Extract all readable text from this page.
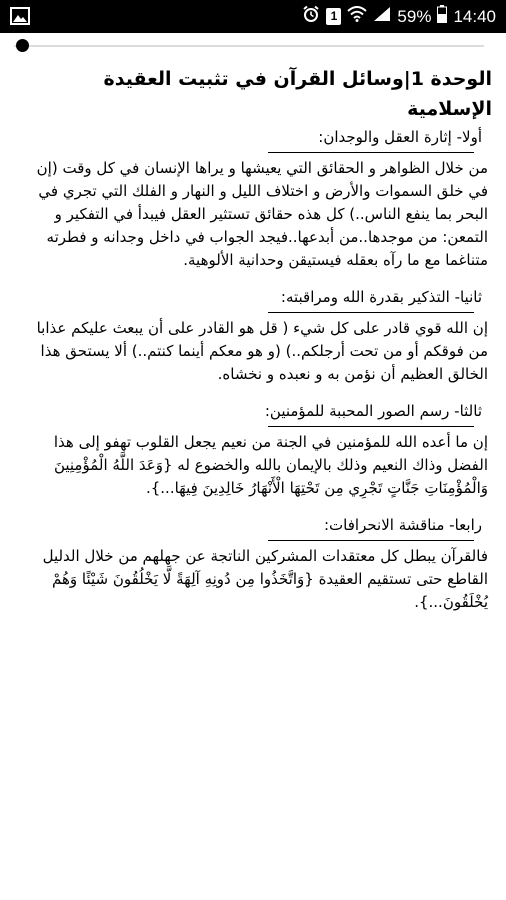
1	59% 14:40
الوحدة 1|وسائل القرآن في تثبيت العقيدة الإسلامية

أولا- إثارة العقل والوجدان:

من خلال الظواهر و الحقائق التي يعيشها و يراها الإنسان في كل وقت (إن في خلق السموات والأرض و اختلاف الليل و النهار و الفلك التي تجري في البحر بما ينفع الناس..) كل هذه حقائق تستثير العقل فيبدأ في التفكير و التمعن: من موجدها..من أبدعها..فيجد الجواب في داخل وجدانه و فطرته متناغما مع ما رآه بعقله فيستيقن وحدانية الألوهية.

ثانيا- التذكير بقدرة الله ومراقبته:

إن الله قوي قادر على كل شيء ( قل هو القادر على أن يبعث عليكم عذابا من فوقكم أو من تحت أرجلكم..) (و هو معكم أينما كنتم..) ألا يستحق هذا الخالق العظيم أن نؤمن به و نعبده و نخشاه.

ثالثا- رسم الصور المحببة للمؤمنين:

إن ما أعده الله للمؤمنين في الجنة من نعيم يجعل القلوب تهفو إلى هذا الفضل وذاك النعيم وذلك بالإيمان بالله والخضوع له {وَعَدَ اللَّهُ الْمُؤْمِنِينَ وَالْمُؤْمِنَاتِ جَنَّاتٍ تَجْرِي مِن تَحْتِهَا الْأَنْهَارُ خَالِدِينَ فِيهَا...}.

رابعا- مناقشة الانحرافات:

فالقرآن يبطل كل معتقدات المشركين الناتجة عن جهلهم من خلال الدليل القاطع حتى تستقيم العقيدة {وَاتَّخَذُوا مِن دُونِهِ آلِهَةً لَّا يَخْلُقُونَ شَيْئًا وَهُمْ يُخْلَقُونَ...}.
